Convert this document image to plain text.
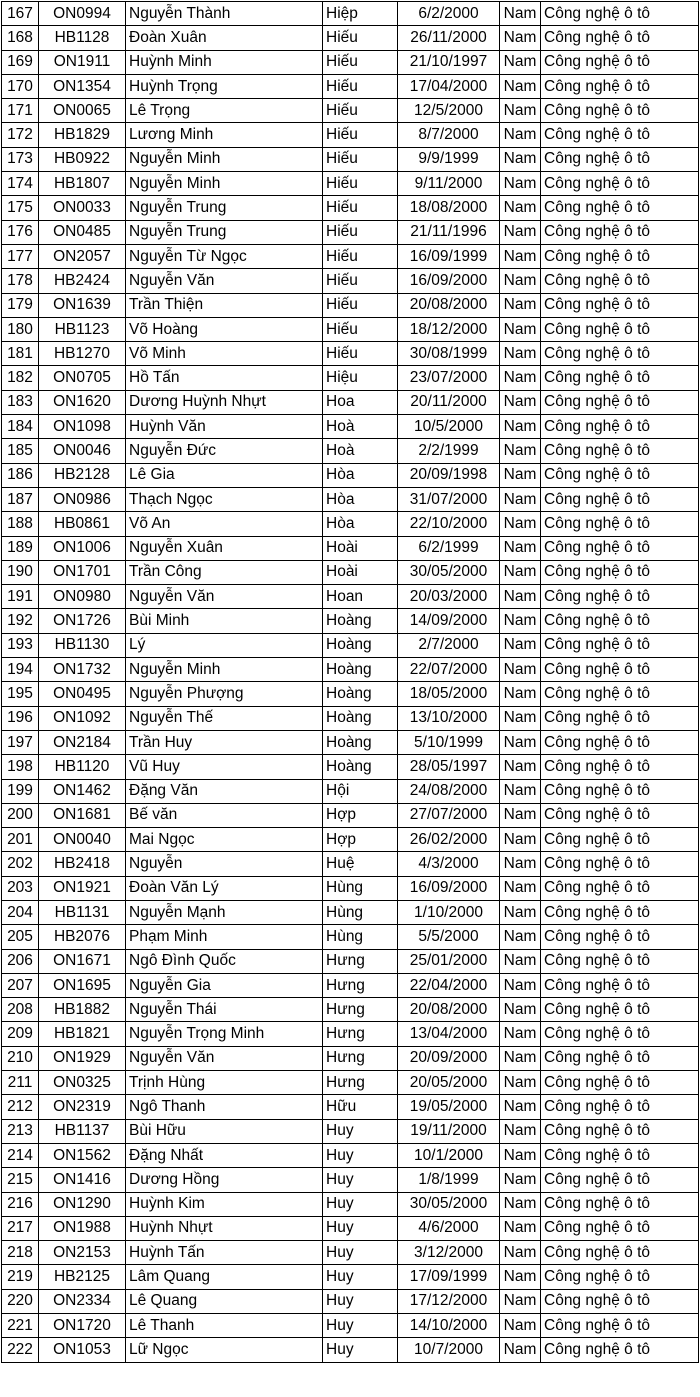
167	ON0994	Nguyễn Thành	Hiệp	6/2/2000	Nam	Công nghệ ô tô
168	HB1128	Đoàn Xuân	Hiếu	26/11/2000	Nam	Công nghệ ô tô
169	ON1911	Huỳnh Minh	Hiếu	21/10/1997	Nam	Công nghệ ô tô
170	ON1354	Huỳnh Trọng	Hiếu	17/04/2000	Nam	Công nghệ ô tô
171	ON0065	Lê Trọng	Hiếu	12/5/2000	Nam	Công nghệ ô tô
172	HB1829	Lương Minh	Hiếu	8/7/2000	Nam	Công nghệ ô tô
173	HB0922	Nguyễn Minh	Hiếu	9/9/1999	Nam	Công nghệ ô tô
174	HB1807	Nguyễn Minh	Hiếu	9/11/2000	Nam	Công nghệ ô tô
175	ON0033	Nguyễn Trung	Hiếu	18/08/2000	Nam	Công nghệ ô tô
176	ON0485	Nguyễn Trung	Hiếu	21/11/1996	Nam	Công nghệ ô tô
177	ON2057	Nguyễn Từ Ngọc	Hiếu	16/09/1999	Nam	Công nghệ ô tô
178	HB2424	Nguyễn Văn	Hiếu	16/09/2000	Nam	Công nghệ ô tô
179	ON1639	Trần Thiện	Hiếu	20/08/2000	Nam	Công nghệ ô tô
180	HB1123	Võ Hoàng	Hiếu	18/12/2000	Nam	Công nghệ ô tô
181	HB1270	Võ Minh	Hiếu	30/08/1999	Nam	Công nghệ ô tô
182	ON0705	Hồ Tấn	Hiệu	23/07/2000	Nam	Công nghệ ô tô
183	ON1620	Dương Huỳnh Nhựt	Hoa	20/11/2000	Nam	Công nghệ ô tô
184	ON1098	Huỳnh Văn	Hoà	10/5/2000	Nam	Công nghệ ô tô
185	ON0046	Nguyễn Đức	Hoà	2/2/1999	Nam	Công nghệ ô tô
186	HB2128	Lê Gia	Hòa	20/09/1998	Nam	Công nghệ ô tô
187	ON0986	Thạch Ngọc	Hòa	31/07/2000	Nam	Công nghệ ô tô
188	HB0861	Võ An	Hòa	22/10/2000	Nam	Công nghệ ô tô
189	ON1006	Nguyễn Xuân	Hoài	6/2/1999	Nam	Công nghệ ô tô
190	ON1701	Trần Công	Hoài	30/05/2000	Nam	Công nghệ ô tô
191	ON0980	Nguyễn Văn	Hoan	20/03/2000	Nam	Công nghệ ô tô
192	ON1726	Bùi Minh	Hoàng	14/09/2000	Nam	Công nghệ ô tô
193	HB1130	Lý	Hoàng	2/7/2000	Nam	Công nghệ ô tô
194	ON1732	Nguyễn Minh	Hoàng	22/07/2000	Nam	Công nghệ ô tô
195	ON0495	Nguyễn Phượng	Hoàng	18/05/2000	Nam	Công nghệ ô tô
196	ON1092	Nguyễn Thế	Hoàng	13/10/2000	Nam	Công nghệ ô tô
197	ON2184	Trần Huy	Hoàng	5/10/1999	Nam	Công nghệ ô tô
198	HB1120	Vũ Huy	Hoàng	28/05/1997	Nam	Công nghệ ô tô
199	ON1462	Đặng Văn	Hội	24/08/2000	Nam	Công nghệ ô tô
200	ON1681	Bế văn	Hợp	27/07/2000	Nam	Công nghệ ô tô
201	ON0040	Mai Ngọc	Hợp	26/02/2000	Nam	Công nghệ ô tô
202	HB2418	Nguyễn	Huệ	4/3/2000	Nam	Công nghệ ô tô
203	ON1921	Đoàn Văn Lý	Hùng	16/09/2000	Nam	Công nghệ ô tô
204	HB1131	Nguyễn Mạnh	Hùng	1/10/2000	Nam	Công nghệ ô tô
205	HB2076	Phạm Minh	Hùng	5/5/2000	Nam	Công nghệ ô tô
206	ON1671	Ngô Đình Quốc	Hưng	25/01/2000	Nam	Công nghệ ô tô
207	ON1695	Nguyễn Gia	Hưng	22/04/2000	Nam	Công nghệ ô tô
208	HB1882	Nguyễn Thái	Hưng	20/08/2000	Nam	Công nghệ ô tô
209	HB1821	Nguyễn Trọng Minh	Hưng	13/04/2000	Nam	Công nghệ ô tô
210	ON1929	Nguyễn Văn	Hưng	20/09/2000	Nam	Công nghệ ô tô
211	ON0325	Trịnh Hùng	Hưng	20/05/2000	Nam	Công nghệ ô tô
212	ON2319	Ngô Thanh	Hữu	19/05/2000	Nam	Công nghệ ô tô
213	HB1137	Bùi Hữu	Huy	19/11/2000	Nam	Công nghệ ô tô
214	ON1562	Đặng Nhất	Huy	10/1/2000	Nam	Công nghệ ô tô
215	ON1416	Dương Hồng	Huy	1/8/1999	Nam	Công nghệ ô tô
216	ON1290	Huỳnh Kim	Huy	30/05/2000	Nam	Công nghệ ô tô
217	ON1988	Huỳnh Nhựt	Huy	4/6/2000	Nam	Công nghệ ô tô
218	ON2153	Huỳnh Tấn	Huy	3/12/2000	Nam	Công nghệ ô tô
219	HB2125	Lâm Quang	Huy	17/09/1999	Nam	Công nghệ ô tô
220	ON2334	Lê Quang	Huy	17/12/2000	Nam	Công nghệ ô tô
221	ON1720	Lê Thanh	Huy	14/10/2000	Nam	Công nghệ ô tô
222	ON1053	Lữ Ngọc	Huy	10/7/2000	Nam	Công nghệ ô tô
